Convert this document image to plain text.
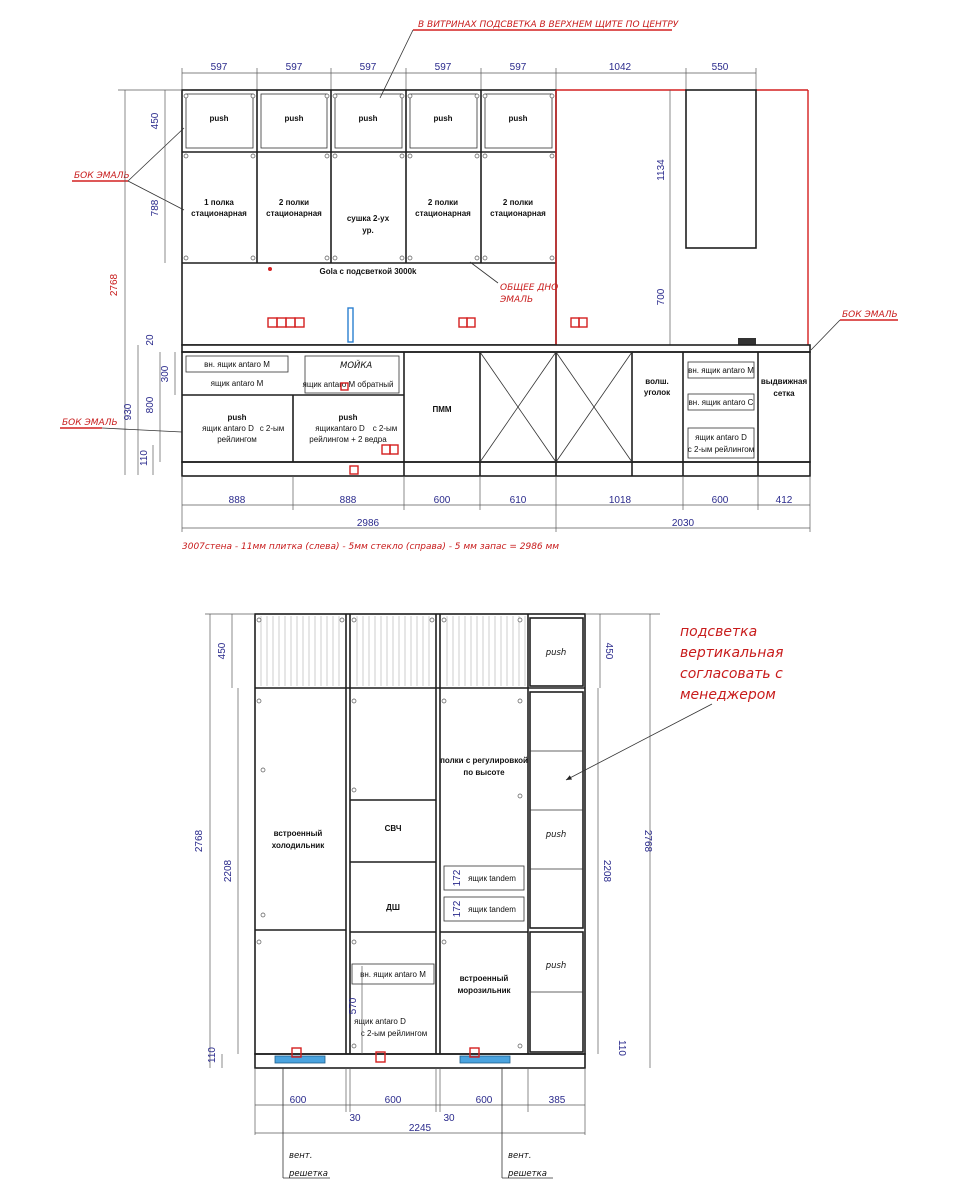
В ВИТРИНАХ ПОДСВЕТКА В ВЕРХНЕМ ЩИТЕ ПО ЦЕНТРУ
597	597	597	597	597	1042	550
push	push	push	push	push
1 полка
стационарная
2 полки
стационарная
сушка 2-ух
ур.
2 полки
стационарная
2 полки
стационарная
Gola с подсветкой 3000k
ОБЩЕЕ ДНО
ЭМАЛЬ
1134
700
БОК ЭМАЛЬ
БОК ЭМАЛЬ
450
788
2768
20
300
930 800
110
БОК ЭМАЛЬ
вн. ящик antaro M
ящик antaro M
push
ящик antaro D с 2-ым
рейлингом
МОЙКА
ящик antaro M обратный
push
ящикantaro D с 2-ым
рейлингом + 2 ведра
ПММ
волш.
уголок
вн. ящик antaro M
вн. ящик antaro C
ящик antaro D
с 2-ым рейлингом
выдвижная
сетка
888	888	600	610	1018	600	412
2986	2030
3007стена - 11мм плитка (слева) - 5мм стекло (справа) - 5 мм запас = 2986 мм
встроенный
холодильник
СВЧ
ДШ
вн. ящик antaro M
ящик antaro D
с 2-ым рейлингом
570
полки с регулировкой
по высоте
ящик tandem
ящик tandem
172
172
встроенный
морозильник
push
push
push
2768
450
2208
110
2768
450
2208
110
подсветка
вертикальная
согласовать с
менеджером
600
30
600
30
600	385
2245
вент.
решетка
вент.
решетка
